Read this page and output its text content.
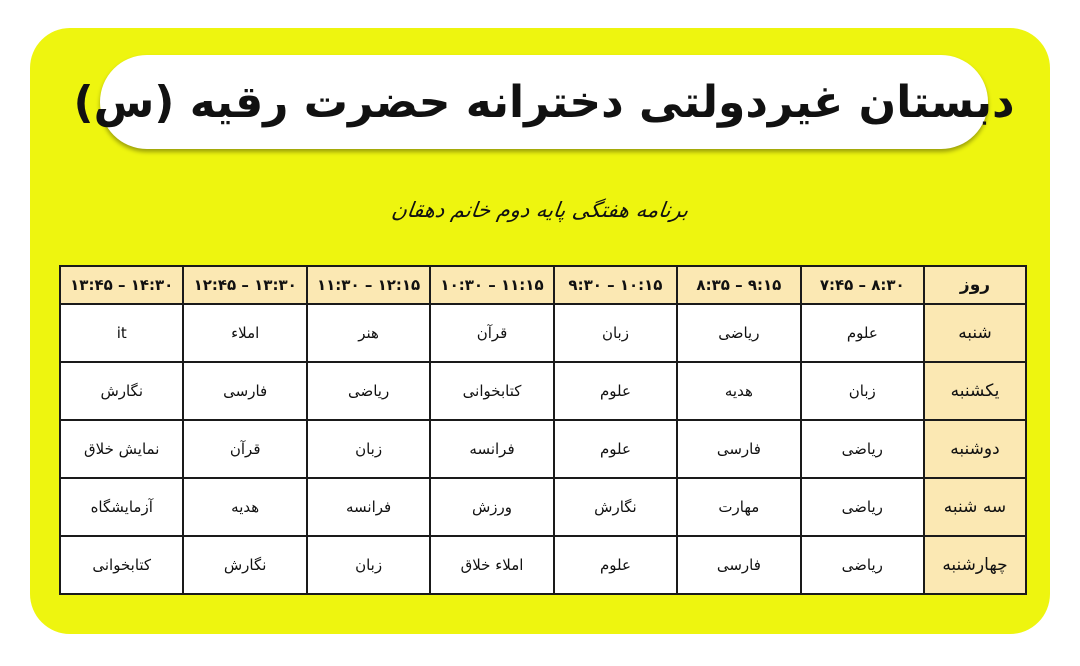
دبستان غیردولتی دخترانه حضرت رقیه (س)
برنامه هفتگی پایه دوم خانم دهقان
روز	۷:۴۵ – ۸:۳۰	۸:۳۵ – ۹:۱۵	۹:۳۰ – ۱۰:۱۵	۱۰:۳۰ – ۱۱:۱۵	۱۱:۳۰ – ۱۲:۱۵	۱۲:۴۵ – ۱۳:۳۰	۱۳:۴۵ – ۱۴:۳۰
شنبه	علوم	ریاضی	زبان	قرآن	هنر	املاء	it
یکشنبه	زبان	هدیه	علوم	کتابخوانی	ریاضی	فارسی	نگارش
دوشنبه	ریاضی	فارسی	علوم	فرانسه	زبان	قرآن	نمایش خلاق
سه شنبه	ریاضی	مهارت	نگارش	ورزش	فرانسه	هدیه	آزمایشگاه
چهارشنبه	ریاضی	فارسی	علوم	املاء خلاق	زبان	نگارش	کتابخوانی
